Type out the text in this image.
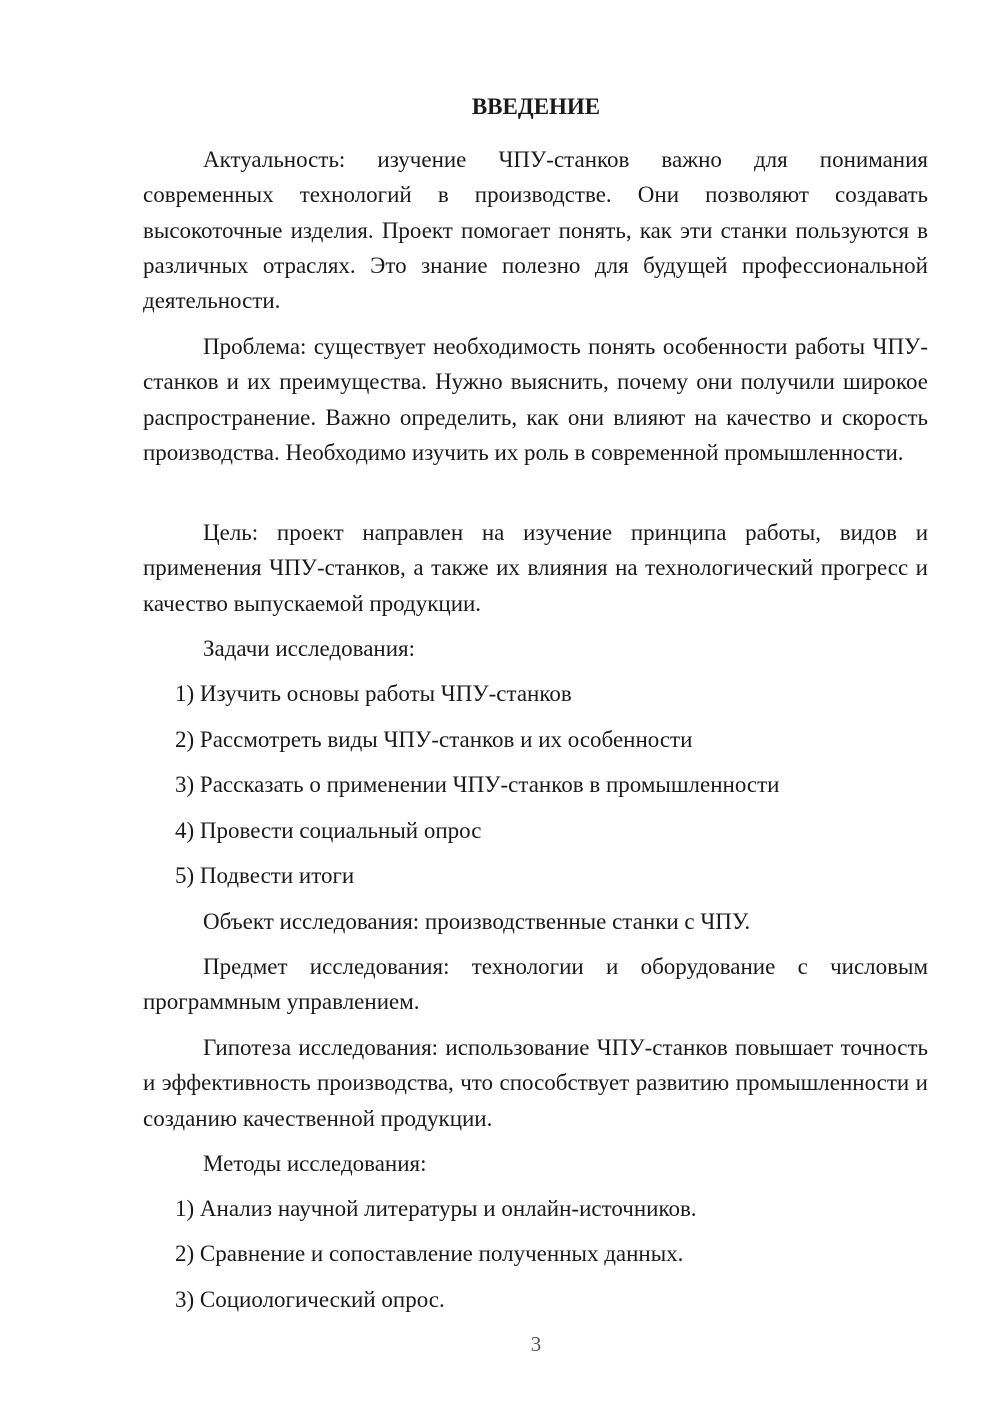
ВВЕДЕНИЕ

Актуальность: изучение ЧПУ-станков важно для понимания современных технологий в производстве. Они позволяют создавать высокоточные изделия. Проект помогает понять, как эти станки пользуются в различных отраслях. Это знание полезно для будущей профессиональной деятельности.

Проблема: существует необходимость понять особенности работы ЧПУ-станков и их преимущества. Нужно выяснить, почему они получили широкое распространение. Важно определить, как они влияют на качество и скорость производства. Необходимо изучить их роль в современной промышленности.

Цель: проект направлен на изучение принципа работы, видов и применения ЧПУ-станков, а также их влияния на технологический прогресс и качество выпускаемой продукции.

Задачи исследования:

1) Изучить основы работы ЧПУ-станков

2) Рассмотреть виды ЧПУ-станков и их особенности

3) Рассказать о применении ЧПУ-станков в промышленности

4) Провести социальный опрос

5) Подвести итоги

Объект исследования: производственные станки с ЧПУ.

Предмет исследования: технологии и оборудование с числовым программным управлением.

Гипотеза исследования: использование ЧПУ-станков повышает точность и эффективность производства, что способствует развитию промышленности и созданию качественной продукции.

Методы исследования:

1) Анализ научной литературы и онлайн-источников.

2) Сравнение и сопоставление полученных данных.

3) Социологический опрос.

3
